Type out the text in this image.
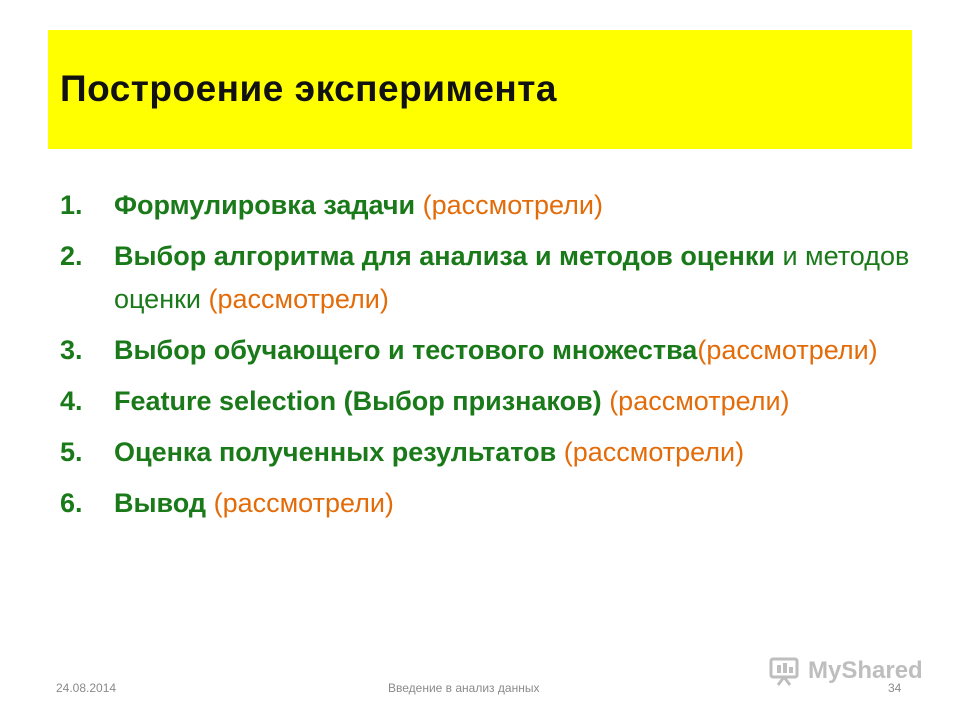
Построение эксперимента
1.	Формулировка задачи (рассмотрели)
2.	Выбор алгоритма для анализа и методов оценки и методов оценки (рассмотрели)
3.	Выбор обучающего и тестового множества(рассмотрели)
4.	Feature selection (Выбор признаков) (рассмотрели)
5.	Оценка полученных результатов (рассмотрели)
6.	Вывод (рассмотрели)
24.08.2014	Введение в анализ данных	34
MyShared
